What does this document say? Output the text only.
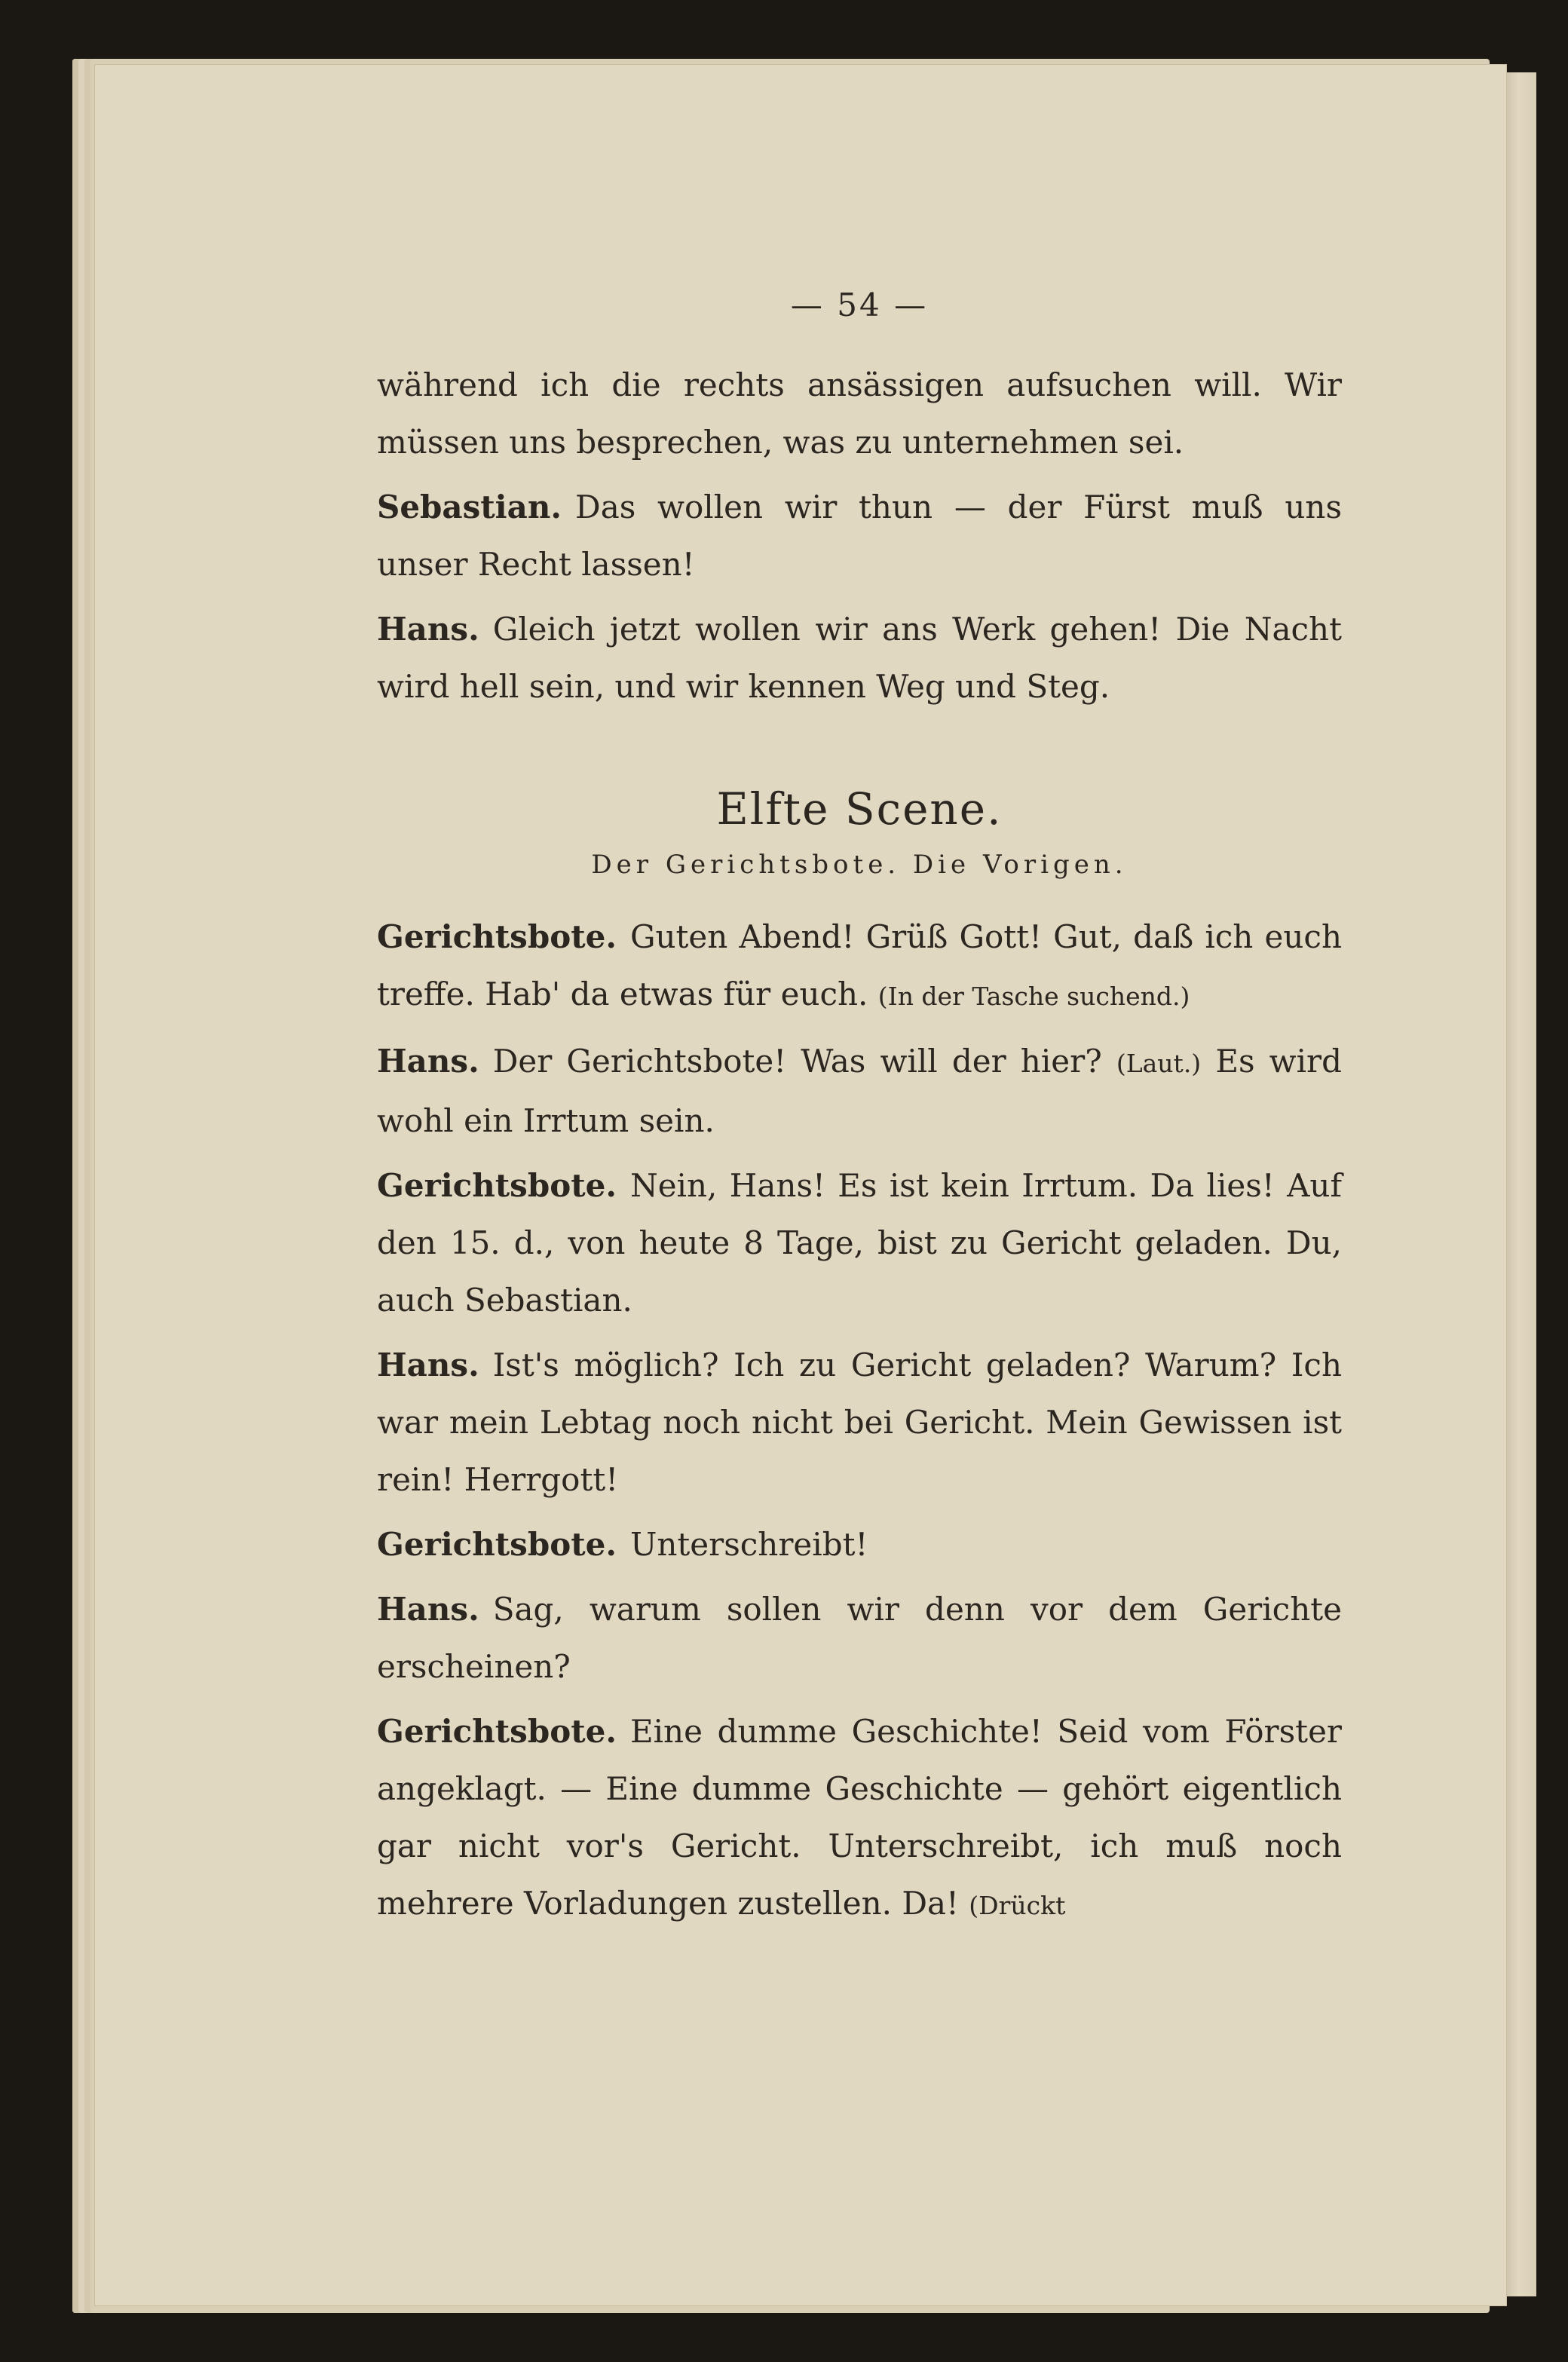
— 54 —

während ich die rechts ansässigen aufsuchen will. Wir müssen uns besprechen, was zu unternehmen sei.

Sebastian. Das wollen wir thun — der Fürst muß uns unser Recht lassen!

Hans. Gleich jetzt wollen wir ans Werk gehen! Die Nacht wird hell sein, und wir kennen Weg und Steg.

Elfte Scene.
Der Gerichtsbote. Die Vorigen.

Gerichtsbote. Guten Abend! Grüß Gott! Gut, daß ich euch treffe. Hab' da etwas für euch. (In der Tasche suchend.)

Hans. Der Gerichtsbote! Was will der hier? (Laut.) Es wird wohl ein Irrtum sein.

Gerichtsbote. Nein, Hans! Es ist kein Irrtum. Da lies! Auf den 15. d., von heute 8 Tage, bist zu Gericht geladen. Du, auch Sebastian.

Hans. Ist's möglich? Ich zu Gericht geladen? Warum? Ich war mein Lebtag noch nicht bei Gericht. Mein Gewissen ist rein! Herrgott!

Gerichtsbote. Unterschreibt!

Hans. Sag, warum sollen wir denn vor dem Gerichte erscheinen?

Gerichtsbote. Eine dumme Geschichte! Seid vom Förster angeklagt. — Eine dumme Geschichte — gehört eigentlich gar nicht vor's Gericht. Unterschreibt, ich muß noch mehrere Vorladungen zustellen. Da! (Drückt
